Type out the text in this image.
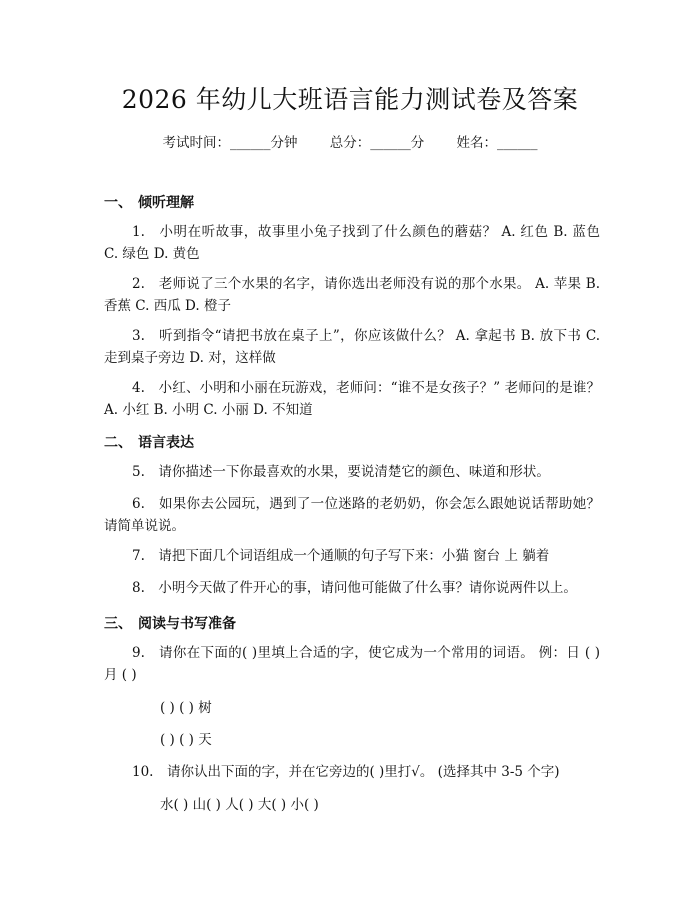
2026 年幼儿大班语言能力测试卷及答案
考试时间：______分钟 总分：______分 姓名：______
一、 倾听理解
1.　小明在听故事，故事里小兔子找到了什么颜色的蘑菇？ A. 红色 B. 蓝色 C. 绿色 D. 黄色
2.　老师说了三个水果的名字，请你选出老师没有说的那个水果。 A. 苹果 B. 香蕉 C. 西瓜 D. 橙子
3.　听到指令“请把书放在桌子上”，你应该做什么？ A. 拿起书 B. 放下书 C. 走到桌子旁边 D. 对，这样做
4.　小红、小明和小丽在玩游戏，老师问：“谁不是女孩子？” 老师问的是谁？ A. 小红 B. 小明 C. 小丽 D. 不知道
二、 语言表达
5.　请你描述一下你最喜欢的水果，要说清楚它的颜色、味道和形状。
6.　如果你去公园玩，遇到了一位迷路的老奶奶，你会怎么跟她说话帮助她？请简单说说。
7.　请把下面几个词语组成一个通顺的句子写下来：小猫 窗台 上 躺着
8.　小明今天做了件开心的事，请问他可能做了什么事？请你说两件以上。
三、 阅读与书写准备
9.　请你在下面的( )里填上合适的字，使它成为一个常用的词语。 例：日 ( ) 月 ( )
( ) ( ) 树
( ) ( ) 天
10.　请你认出下面的字，并在它旁边的( )里打√。 (选择其中 3-5 个字)
水( ) 山( ) 人( ) 大( ) 小( )
